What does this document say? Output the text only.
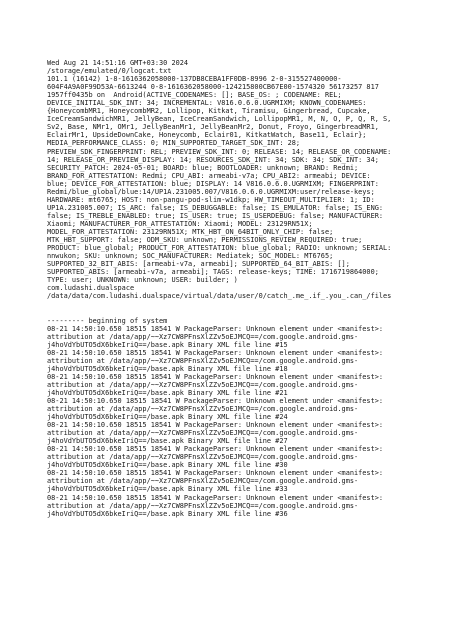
Wed Aug 21 14:51:16 GMT+03:30 2024
/storage/emulated/0/logcat.txt
101.1 (16142) 1-8-1616362058000-137DB8CEBA1FF0DB-8996 2-0-315527400000-
604F4A9A0F99D53A-6613244 0-8-1616362058000-124215800CB67E00-1574320 56173257 817
1957ff0435b on  Android(ACTIVE_CODENAMES: []; BASE_OS: ; CODENAME: REL;
DEVICE_INITIAL_SDK_INT: 34; INCREMENTAL: V816.0.6.0.UGRMIXM; KNOWN_CODENAMES:
{HoneycombMR1, HoneycombMR2, Lollipop, Kitkat, Tiramisu, Gingerbread, Cupcake,
IceCreamSandwichMR1, JellyBean, IceCreamSandwich, LollipopMR1, M, N, O, P, Q, R, S,
Sv2, Base, NMr1, OMr1, JellyBeanMr1, JellyBeanMr2, Donut, Froyo, GingerbreadMR1,
EclairMr1, UpsideDownCake, Honeycomb, Eclair01, KitkatWatch, Base11, Eclair};
MEDIA_PERFORMANCE_CLASS: 0; MIN_SUPPORTED_TARGET_SDK_INT: 28;
PREVIEW_SDK_FINGERPRINT: REL; PREVIEW_SDK_INT: 0; RELEASE: 14; RELEASE_OR_CODENAME:
14; RELEASE_OR_PREVIEW_DISPLAY: 14; RESOURCES_SDK_INT: 34; SDK: 34; SDK_INT: 34;
SECURITY_PATCH: 2024-05-01; BOARD: blue; BOOTLOADER: unknown; BRAND: Redmi;
BRAND_FOR_ATTESTATION: Redmi; CPU_ABI: armeabi-v7a; CPU_ABI2: armeabi; DEVICE:
blue; DEVICE_FOR_ATTESTATION: blue; DISPLAY: 14 V816.0.6.0.UGRMIXM; FINGERPRINT:
Redmi/blue_global/blue:14/UP1A.231005.007/V816.0.6.0.UGRMIXM:user/release-keys;
HARDWARE: mt6765; HOST: non-pangu-pod-slim-w1dkp; HW_TIMEOUT_MULTIPLIER: 1; ID:
UP1A.231005.007; IS_ARC: false; IS_DEBUGGABLE: false; IS_EMULATOR: false; IS_ENG:
false; IS_TREBLE_ENABLED: true; IS_USER: true; IS_USERDEBUG: false; MANUFACTURER:
Xiaomi; MANUFACTURER_FOR_ATTESTATION: Xiaomi; MODEL: 23129RN51X;
MODEL_FOR_ATTESTATION: 23129RN51X; MTK_HBT_ON_64BIT_ONLY_CHIP: false;
MTK_HBT_SUPPORT: false; ODM_SKU: unknown; PERMISSIONS_REVIEW_REQUIRED: true;
PRODUCT: blue_global; PRODUCT_FOR_ATTESTATION: blue_global; RADIO: unknown; SERIAL:
nnwukon; SKU: unknown; SOC_MANUFACTURER: Mediatek; SOC_MODEL: MT6765;
SUPPORTED_32_BIT_ABIS: [armeabi-v7a, armeabi]; SUPPORTED_64_BIT_ABIS: [];
SUPPORTED_ABIS: [armeabi-v7a, armeabi]; TAGS: release-keys; TIME: 1716719864000;
TYPE: user; UNKNOWN: unknown; USER: builder; )
com.ludashi.dualspace
/data/data/com.ludashi.dualspace/virtual/data/user/0/catch_.me_.if_.you_.can_/files
--------- beginning of system
08-21 14:50:10.650 18515 18541 W PackageParser: Unknown element under <manifest>:
attribution at /data/app/~~Xz7CW8PFnsXlZZv5oEJMCQ==/com.google.android.gms-
j4hoVdYbUTO5dX6bkeIriQ==/base.apk Binary XML file line #15
08-21 14:50:10.650 18515 18541 W PackageParser: Unknown element under <manifest>:
attribution at /data/app/~~Xz7CW8PFnsXlZZv5oEJMCQ==/com.google.android.gms-
j4hoVdYbUTO5dX6bkeIriQ==/base.apk Binary XML file line #18
08-21 14:50:10.650 18515 18541 W PackageParser: Unknown element under <manifest>:
attribution at /data/app/~~Xz7CW8PFnsXlZZv5oEJMCQ==/com.google.android.gms-
j4hoVdYbUTO5dX6bkeIriQ==/base.apk Binary XML file line #21
08-21 14:50:10.650 18515 18541 W PackageParser: Unknown element under <manifest>:
attribution at /data/app/~~Xz7CW8PFnsXlZZv5oEJMCQ==/com.google.android.gms-
j4hoVdYbUTO5dX6bkeIriQ==/base.apk Binary XML file line #24
08-21 14:50:10.650 18515 18541 W PackageParser: Unknown element under <manifest>:
attribution at /data/app/~~Xz7CW8PFnsXlZZv5oEJMCQ==/com.google.android.gms-
j4hoVdYbUTO5dX6bkeIriQ==/base.apk Binary XML file line #27
08-21 14:50:10.650 18515 18541 W PackageParser: Unknown element under <manifest>:
attribution at /data/app/~~Xz7CW8PFnsXlZZv5oEJMCQ==/com.google.android.gms-
j4hoVdYbUTO5dX6bkeIriQ==/base.apk Binary XML file line #30
08-21 14:50:10.650 18515 18541 W PackageParser: Unknown element under <manifest>:
attribution at /data/app/~~Xz7CW8PFnsXlZZv5oEJMCQ==/com.google.android.gms-
j4hoVdYbUTO5dX6bkeIriQ==/base.apk Binary XML file line #33
08-21 14:50:10.650 18515 18541 W PackageParser: Unknown element under <manifest>:
attribution at /data/app/~~Xz7CW8PFnsXlZZv5oEJMCQ==/com.google.android.gms-
j4hoVdYbUTO5dX6bkeIriQ==/base.apk Binary XML file line #36
